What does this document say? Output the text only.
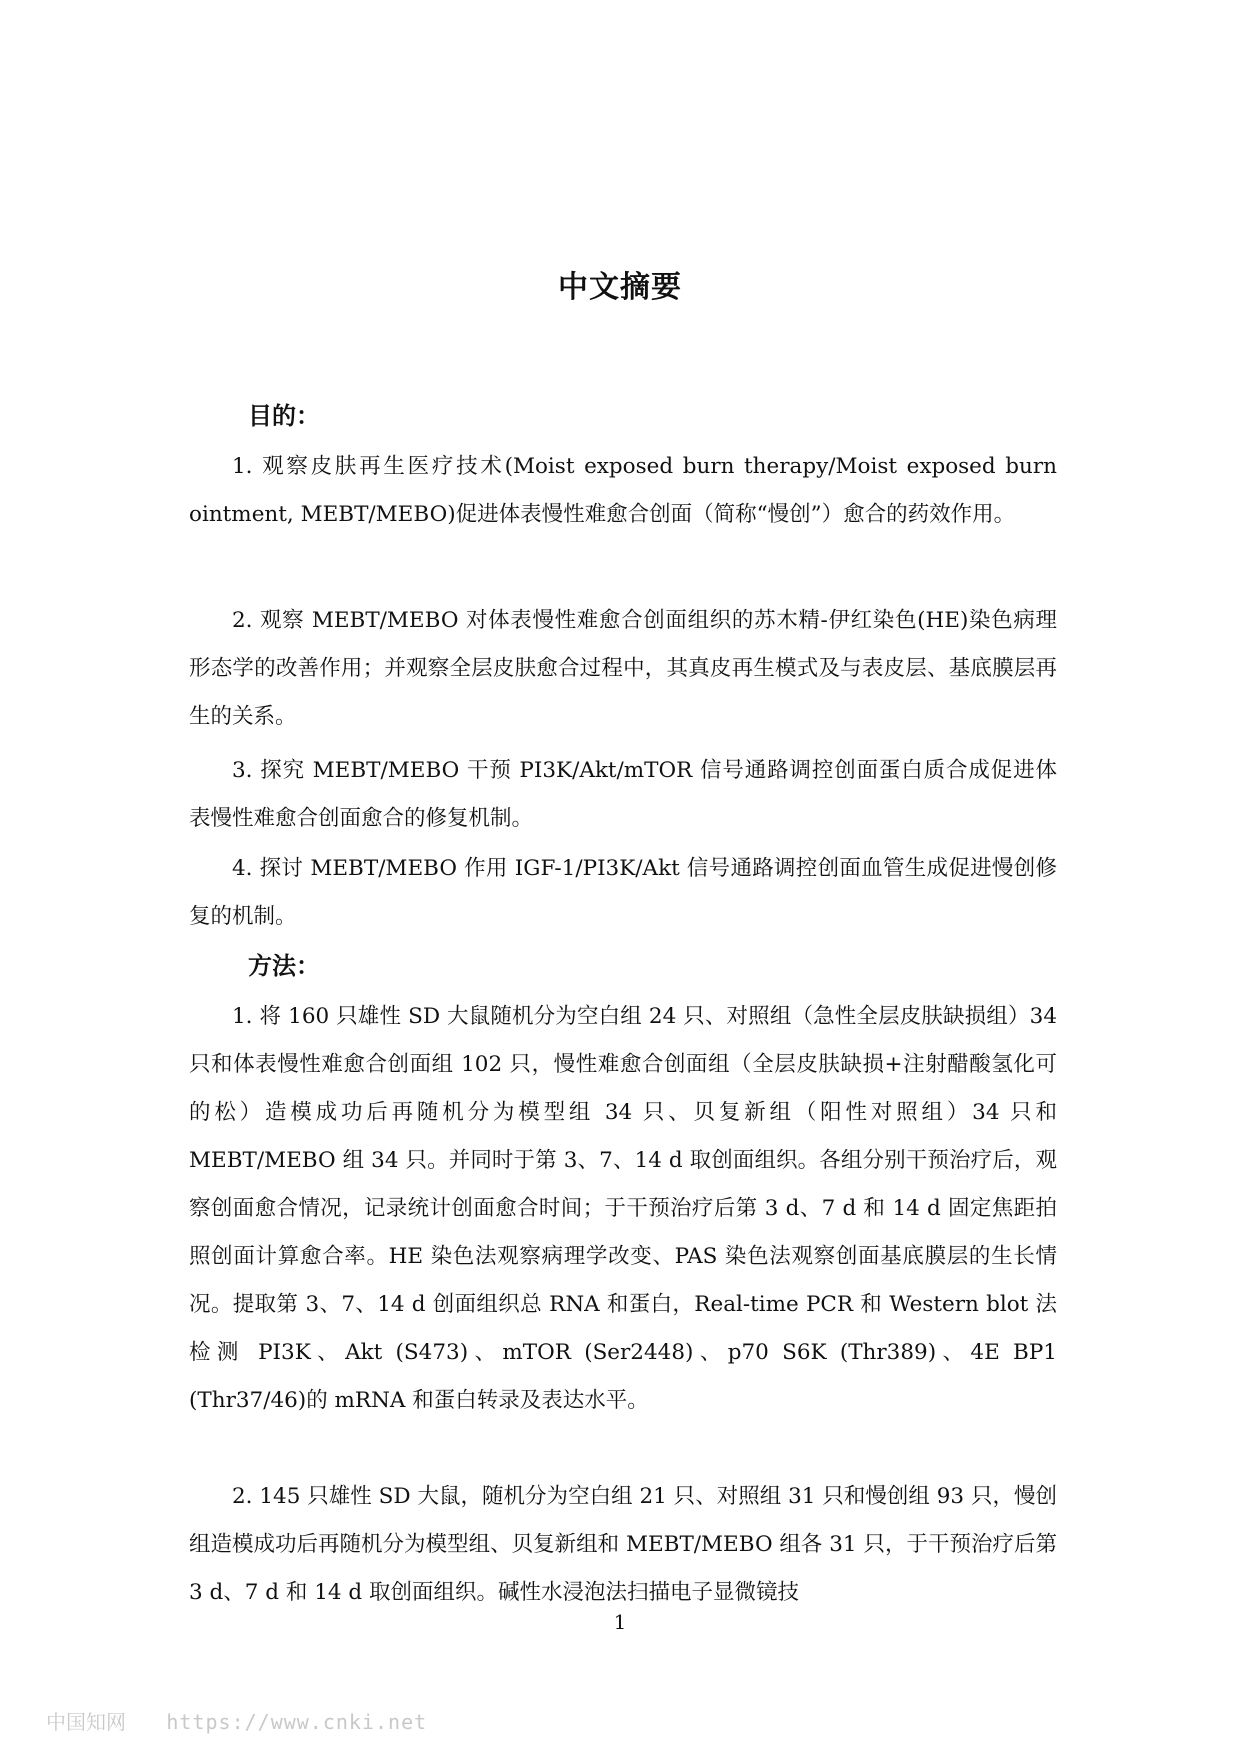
中文摘要
目的：

1. 观察皮肤再生医疗技术(Moist exposed burn therapy/Moist exposed burn ointment, MEBT/MEBO)促进体表慢性难愈合创面（简称“慢创”）愈合的药效作用。

2. 观察 MEBT/MEBO 对体表慢性难愈合创面组织的苏木精-伊红染色(HE)染色病理形态学的改善作用；并观察全层皮肤愈合过程中，其真皮再生模式及与表皮层、基底膜层再生的关系。

3. 探究 MEBT/MEBO 干预 PI3K/Akt/mTOR 信号通路调控创面蛋白质合成促进体表慢性难愈合创面愈合的修复机制。

4. 探讨 MEBT/MEBO 作用 IGF-1/PI3K/Akt 信号通路调控创面血管生成促进慢创修复的机制。

方法：

1. 将 160 只雄性 SD 大鼠随机分为空白组 24 只、对照组（急性全层皮肤缺损组）34 只和体表慢性难愈合创面组 102 只，慢性难愈合创面组（全层皮肤缺损+注射醋酸氢化可的松）造模成功后再随机分为模型组 34 只、贝复新组（阳性对照组）34 只和 MEBT/MEBO 组 34 只。并同时于第 3、7、14 d 取创面组织。各组分别干预治疗后，观察创面愈合情况，记录统计创面愈合时间；于干预治疗后第 3 d、7 d 和 14 d 固定焦距拍照创面计算愈合率。HE 染色法观察病理学改变、PAS 染色法观察创面基底膜层的生长情况。提取第 3、7、14 d 创面组织总 RNA 和蛋白，Real-time PCR 和 Western blot 法检测 PI3K、Akt (S473)、mTOR (Ser2448)、p70 S6K (Thr389)、4E BP1 (Thr37/46)的 mRNA 和蛋白转录及表达水平。

2. 145 只雄性 SD 大鼠，随机分为空白组 21 只、对照组 31 只和慢创组 93 只，慢创组造模成功后再随机分为模型组、贝复新组和 MEBT/MEBO 组各 31 只，于干预治疗后第 3 d、7 d 和 14 d 取创面组织。碱性水浸泡法扫描电子显微镜技

1
中国知网 https://www.cnki.net
